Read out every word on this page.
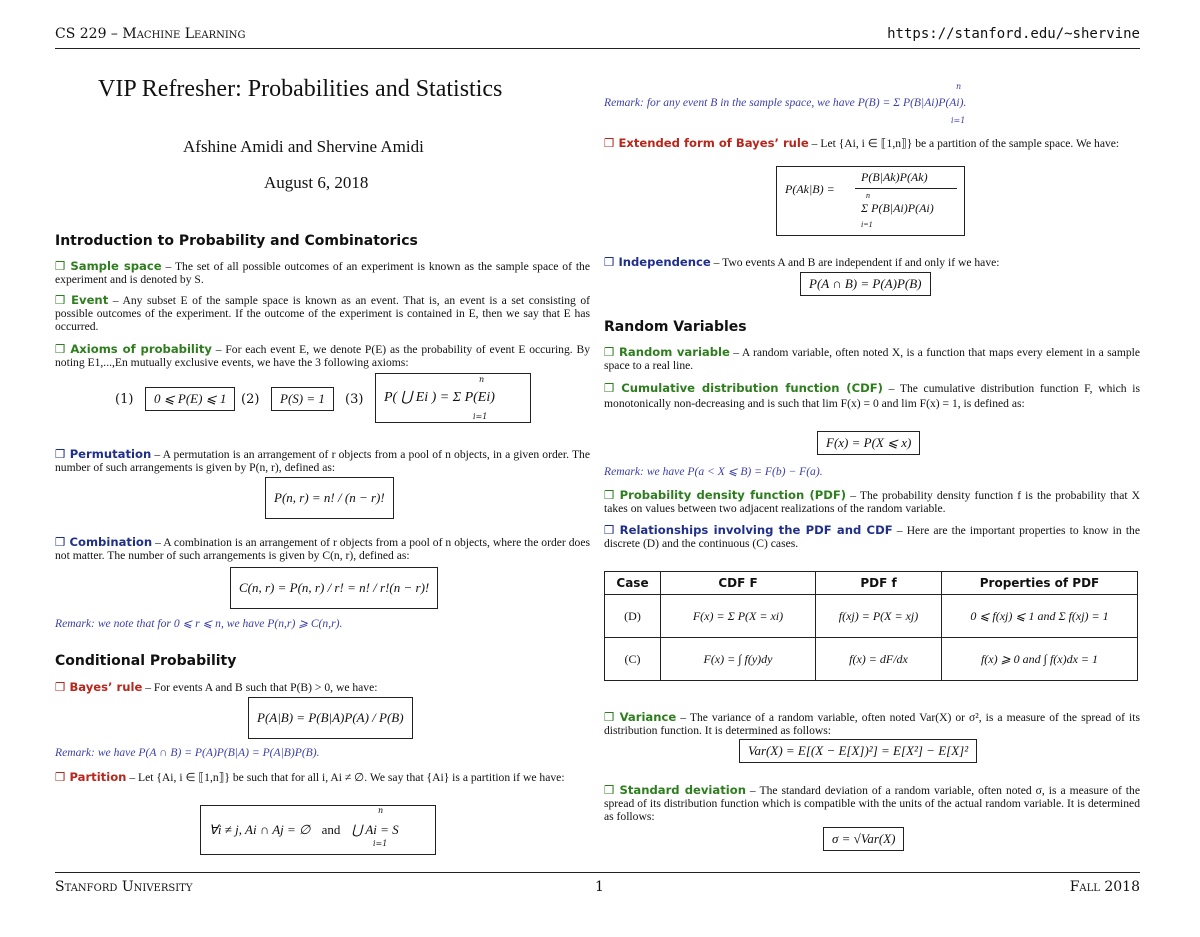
CS 229 – Machine Learning	https://stanford.edu/~shervine
VIP Refresher: Probabilities and Statistics
Afshine Amidi and Shervine Amidi
August 6, 2018
Introduction to Probability and Combinatorics

❒ Sample space – The set of all possible outcomes of an experiment is known as the sample space of the experiment and is denoted by S.

❒ Event – Any subset E of the sample space is known as an event. That is, an event is a set consisting of possible outcomes of the experiment. If the outcome of the experiment is contained in E, then we say that E has occurred.

❒ Axioms of probability – For each event E, we denote P(E) as the probability of event E occuring. By noting E1,...,En mutually exclusive events, we have the 3 following axioms:

(1)	0 ⩽ P(E) ⩽ 1	(2)	P(S) = 1	(3)	P( ⋃ Ei ) = Σ P(Ei)
n
i=1

❒ Permutation – A permutation is an arrangement of r objects from a pool of n objects, in a given order. The number of such arrangements is given by P(n, r), defined as:

P(n, r) = n! / (n − r)!

❒ Combination – A combination is an arrangement of r objects from a pool of n objects, where the order does not matter. The number of such arrangements is given by C(n, r), defined as:

C(n, r) = P(n, r) / r! = n! / r!(n − r)!
Remark: we note that for 0 ⩽ r ⩽ n, we have P(n,r) ⩾ C(n,r).
Conditional Probability

❒ Bayes’ rule – For events A and B such that P(B) > 0, we have:

P(A|B) = P(B|A)P(A) / P(B)
Remark: we have P(A ∩ B) = P(A)P(B|A) = P(A|B)P(B).

❒ Partition – Let {Ai, i ∈ ⟦1,n⟧} be such that for all i, Ai ≠ ∅. We say that {Ai} is a partition if we have:

∀i ≠ j, Ai ∩ Aj = ∅ and ⋃ Ai = S
n
i=1
Remark: for any event B in the sample space, we have P(B) = Σ P(B|Ai)P(Ai).
n
i=1

❒ Extended form of Bayes’ rule – Let {Ai, i ∈ ⟦1,n⟧} be a partition of the sample space. We have:

P(Ak|B) =
P(B|Ak)P(Ak)
Σ P(B|Ai)P(Ai)
n
i=1

❒ Independence – Two events A and B are independent if and only if we have:

P(A ∩ B) = P(A)P(B)
Random Variables

❒ Random variable – A random variable, often noted X, is a function that maps every element in a sample space to a real line.

❒ Cumulative distribution function (CDF) – The cumulative distribution function F, which is monotonically non-decreasing and is such that lim F(x) = 0 and lim F(x) = 1, is defined as:

F(x) = P(X ⩽ x)
Remark: we have P(a < X ⩽ B) = F(b) − F(a).

❒ Probability density function (PDF) – The probability density function f is the probability that X takes on values between two adjacent realizations of the random variable.

❒ Relationships involving the PDF and CDF – Here are the important properties to know in the discrete (D) and the continuous (C) cases.

Case	CDF F	PDF f	Properties of PDF
(D)	F(x) = Σ P(X = xi)	f(xj) = P(X = xj)	0 ⩽ f(xj) ⩽ 1 and Σ f(xj) = 1
(C)	F(x) = ∫ f(y)dy	f(x) = dF/dx	f(x) ⩾ 0 and ∫ f(x)dx = 1

❒ Variance – The variance of a random variable, often noted Var(X) or σ², is a measure of the spread of its distribution function. It is determined as follows:

Var(X) = E[(X − E[X])²] = E[X²] − E[X]²

❒ Standard deviation – The standard deviation of a random variable, often noted σ, is a measure of the spread of its distribution function which is compatible with the units of the actual random variable. It is determined as follows:

σ = √Var(X)
Stanford University	1	Fall 2018
